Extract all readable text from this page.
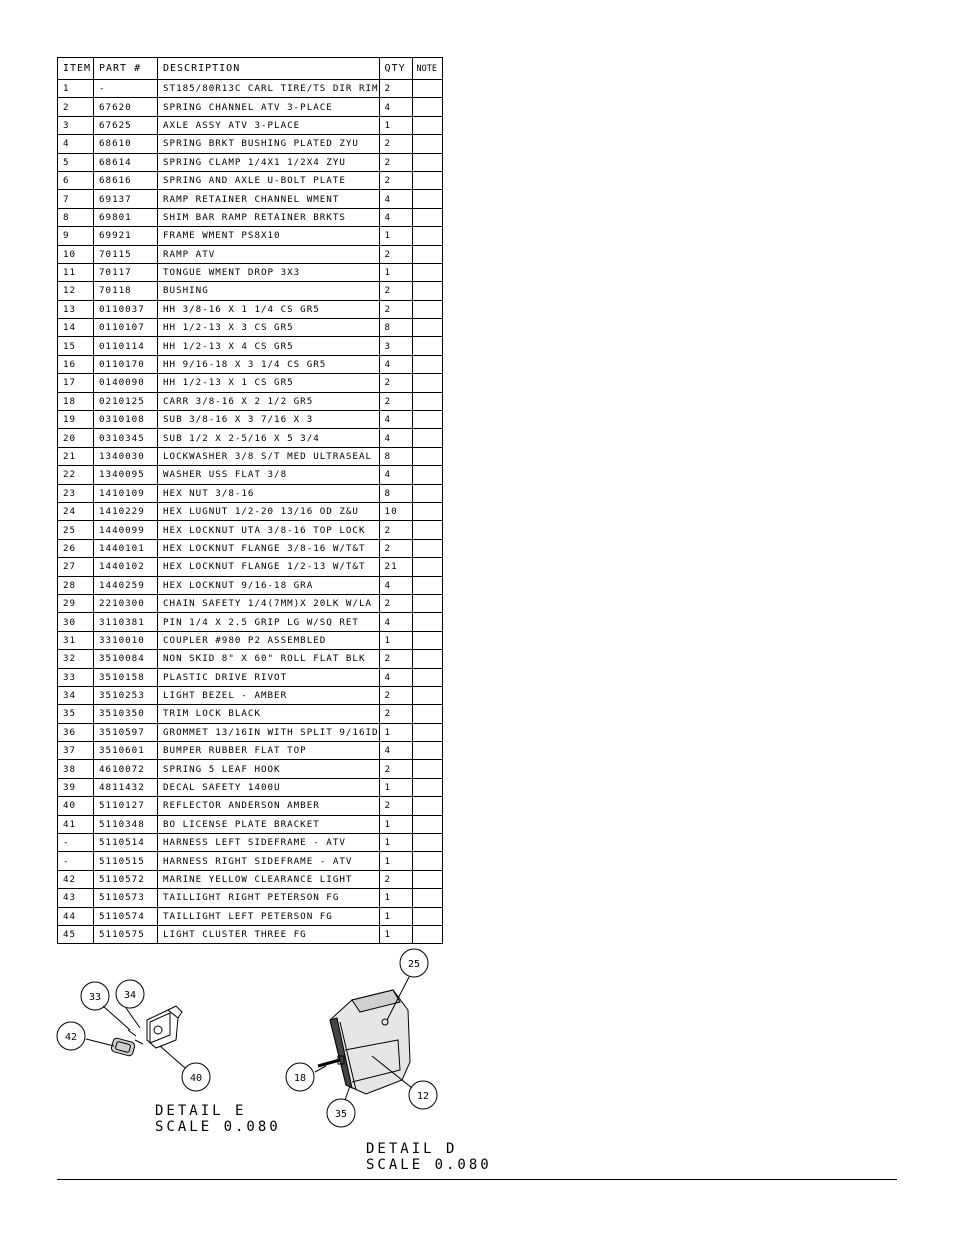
ITEM	PART #	DESCRIPTION	QTY	NOTE
1	-	ST185/80R13C CARL TIRE/TS DIR RIM	2	
2	67620	SPRING CHANNEL ATV 3-PLACE	4	
3	67625	AXLE ASSY ATV 3-PLACE	1	
4	68610	SPRING BRKT BUSHING PLATED ZYU	2	
5	68614	SPRING CLAMP 1/4X1 1/2X4 ZYU	2	
6	68616	SPRING AND AXLE U-BOLT PLATE	2	
7	69137	RAMP RETAINER CHANNEL WMENT	4	
8	69801	SHIM BAR RAMP RETAINER BRKTS	4	
9	69921	FRAME WMENT PS8X10	1	
10	70115	RAMP ATV	2	
11	70117	TONGUE WMENT DROP 3X3	1	
12	70118	BUSHING	2	
13	0110037	HH 3/8-16 X 1 1/4 CS GR5	2	
14	0110107	HH 1/2-13 X 3 CS GR5	8	
15	0110114	HH 1/2-13 X 4 CS GR5	3	
16	0110170	HH 9/16-18 X 3 1/4 CS GR5	4	
17	0140090	HH 1/2-13 X 1 CS GR5	2	
18	0210125	CARR 3/8-16 X 2 1/2 GR5	2	
19	0310108	SUB 3/8-16 X 3 7/16 X 3	4	
20	0310345	SUB 1/2 X 2-5/16 X 5 3/4	4	
21	1340030	LOCKWASHER 3/8 S/T MED ULTRASEAL	8	
22	1340095	WASHER USS FLAT 3/8	4	
23	1410109	HEX NUT 3/8-16	8	
24	1410229	HEX LUGNUT 1/2-20 13/16 OD Z&U	10	
25	1440099	HEX LOCKNUT UTA 3/8-16 TOP LOCK	2	
26	1440101	HEX LOCKNUT FLANGE 3/8-16 W/T&T	2	
27	1440102	HEX LOCKNUT FLANGE 1/2-13 W/T&T	21	
28	1440259	HEX LOCKNUT 9/16-18 GRA	4	
29	2210300	CHAIN SAFETY 1/4(7MM)X 20LK W/LA	2	
30	3110381	PIN 1/4 X 2.5 GRIP LG W/SQ RET	4	
31	3310010	COUPLER #980 P2 ASSEMBLED	1	
32	3510084	NON SKID 8" X 60" ROLL FLAT BLK	2	
33	3510158	PLASTIC DRIVE RIVOT	4	
34	3510253	LIGHT BEZEL - AMBER	2	
35	3510350	TRIM LOCK BLACK	2	
36	3510597	GROMMET 13/16IN WITH SPLIT 9/16ID	1	
37	3510601	BUMPER RUBBER FLAT TOP	4	
38	4610072	SPRING 5 LEAF HOOK	2	
39	4811432	DECAL SAFETY 1400U	1	
40	5110127	REFLECTOR ANDERSON AMBER	2	
41	5110348	BO LICENSE PLATE BRACKET	1	
-	5110514	HARNESS LEFT SIDEFRAME - ATV	1	
-	5110515	HARNESS RIGHT SIDEFRAME - ATV	1	
42	5110572	MARINE YELLOW CLEARANCE LIGHT	2	
43	5110573	TAILLIGHT RIGHT PETERSON FG	1	
44	5110574	TAILLIGHT LEFT PETERSON FG	1	
45	5110575	LIGHT CLUSTER THREE FG	1	
33 34
42
40
25
18
12
35
DETAIL E
SCALE 0.080
DETAIL D
SCALE 0.080
